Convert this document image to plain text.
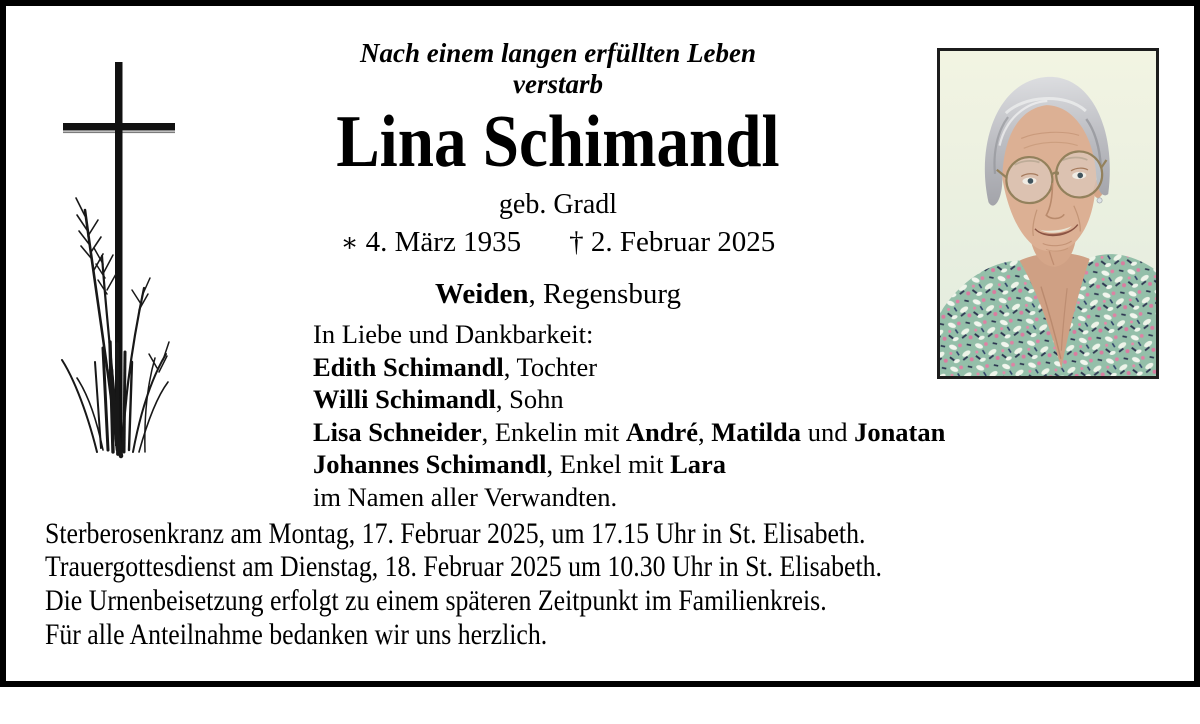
Nach einem langen erfüllten Leben
verstarb
Lina Schimandl
geb. Gradl
∗ 4. März 1935 † 2. Februar 2025
Weiden, Regensburg
In Liebe und Dankbarkeit:
Edith Schimandl, Tochter
Willi Schimandl, Sohn
Lisa Schneider, Enkelin mit André, Matilda und Jonatan
Johannes Schimandl, Enkel mit Lara
im Namen aller Verwandten.
Sterberosenkranz am Montag, 17. Februar 2025, um 17.15 Uhr in St. Elisabeth.
Trauergottesdienst am Dienstag, 18. Februar 2025 um 10.30 Uhr in St. Elisabeth.
Die Urnenbeisetzung erfolgt zu einem späteren Zeitpunkt im Familienkreis.
Für alle Anteilnahme bedanken wir uns herzlich.
